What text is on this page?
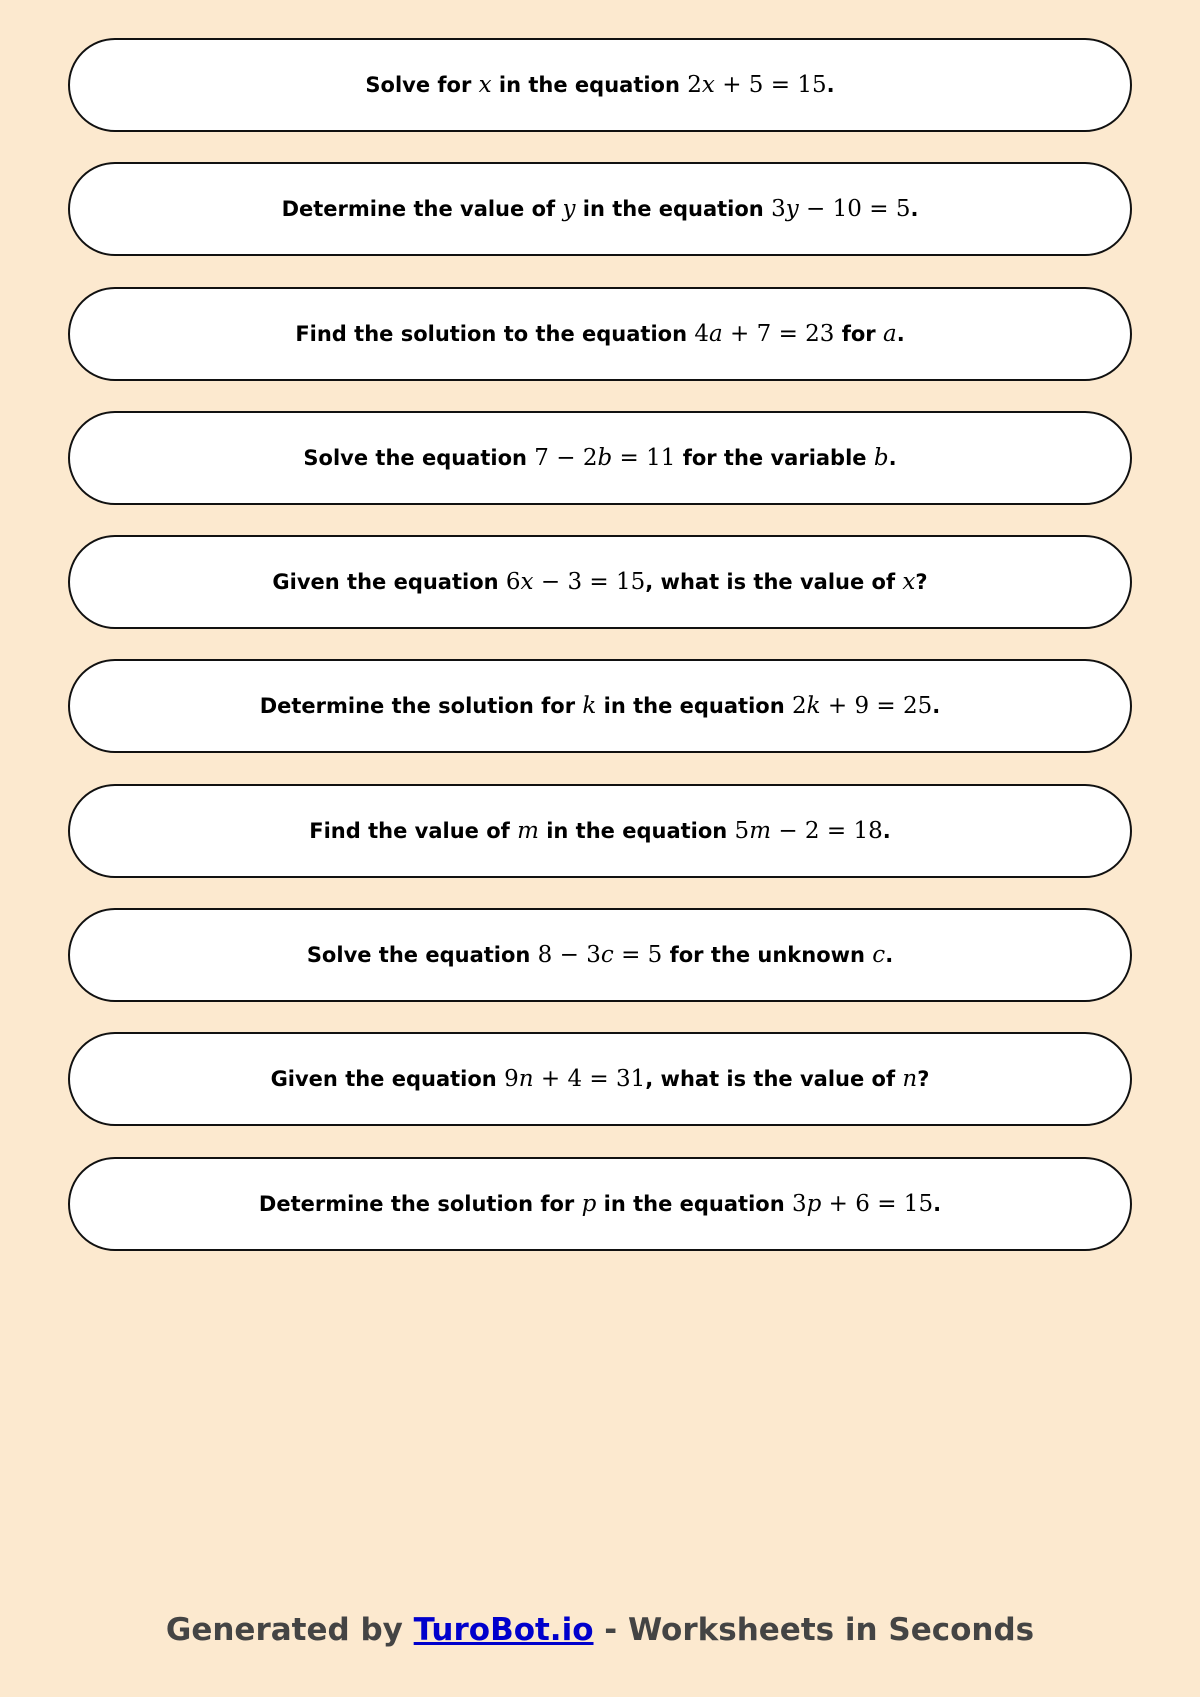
Solve for x in the equation 2x + 5 = 15.
Determine the value of y in the equation 3y − 10 = 5.
Find the solution to the equation 4a + 7 = 23 for a.
Solve the equation 7 − 2b = 11 for the variable b.
Given the equation 6x − 3 = 15, what is the value of x?
Determine the solution for k in the equation 2k + 9 = 25.
Find the value of m in the equation 5m − 2 = 18.
Solve the equation 8 − 3c = 5 for the unknown c.
Given the equation 9n + 4 = 31, what is the value of n?
Determine the solution for p in the equation 3p + 6 = 15.
Generated by TuroBot.io - Worksheets in Seconds
